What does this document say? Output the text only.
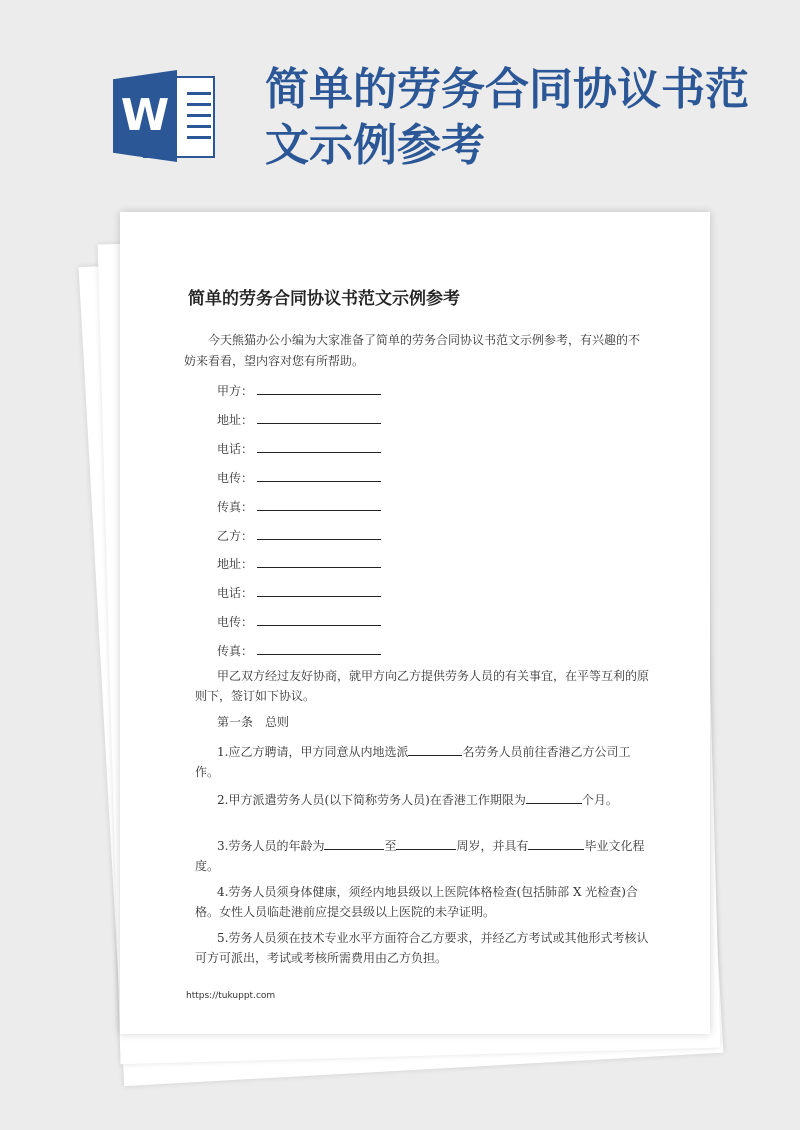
W
简单的劳务合同协议书范文示例参考
简单的劳务合同协议书范文示例参考

今天熊猫办公小编为大家准备了简单的劳务合同协议书范文示例参考，有兴趣的不妨来看看，望内容对您有所帮助。

甲方：
地址：
电话：
电传：
传真：
乙方：
地址：
电话：
电传：
传真：

甲乙双方经过友好协商，就甲方向乙方提供劳务人员的有关事宜，在平等互利的原则下，签订如下协议。

第一条　总则

1.应乙方聘请，甲方同意从内地选派	名劳务人员前往香港乙方公司工作。

2.甲方派遣劳务人员(以下简称劳务人员)在香港工作期限为	个月。

3.劳务人员的年龄为	至	周岁，并具有	毕业文化程度。

4.劳务人员须身体健康，须经内地县级以上医院体格检查(包括肺部 X 光检查)合格。女性人员临赴港前应提交县级以上医院的未孕证明。

5.劳务人员须在技术专业水平方面符合乙方要求，并经乙方考试或其他形式考核认可方可派出，考试或考核所需费用由乙方负担。

https://tukuppt.com
